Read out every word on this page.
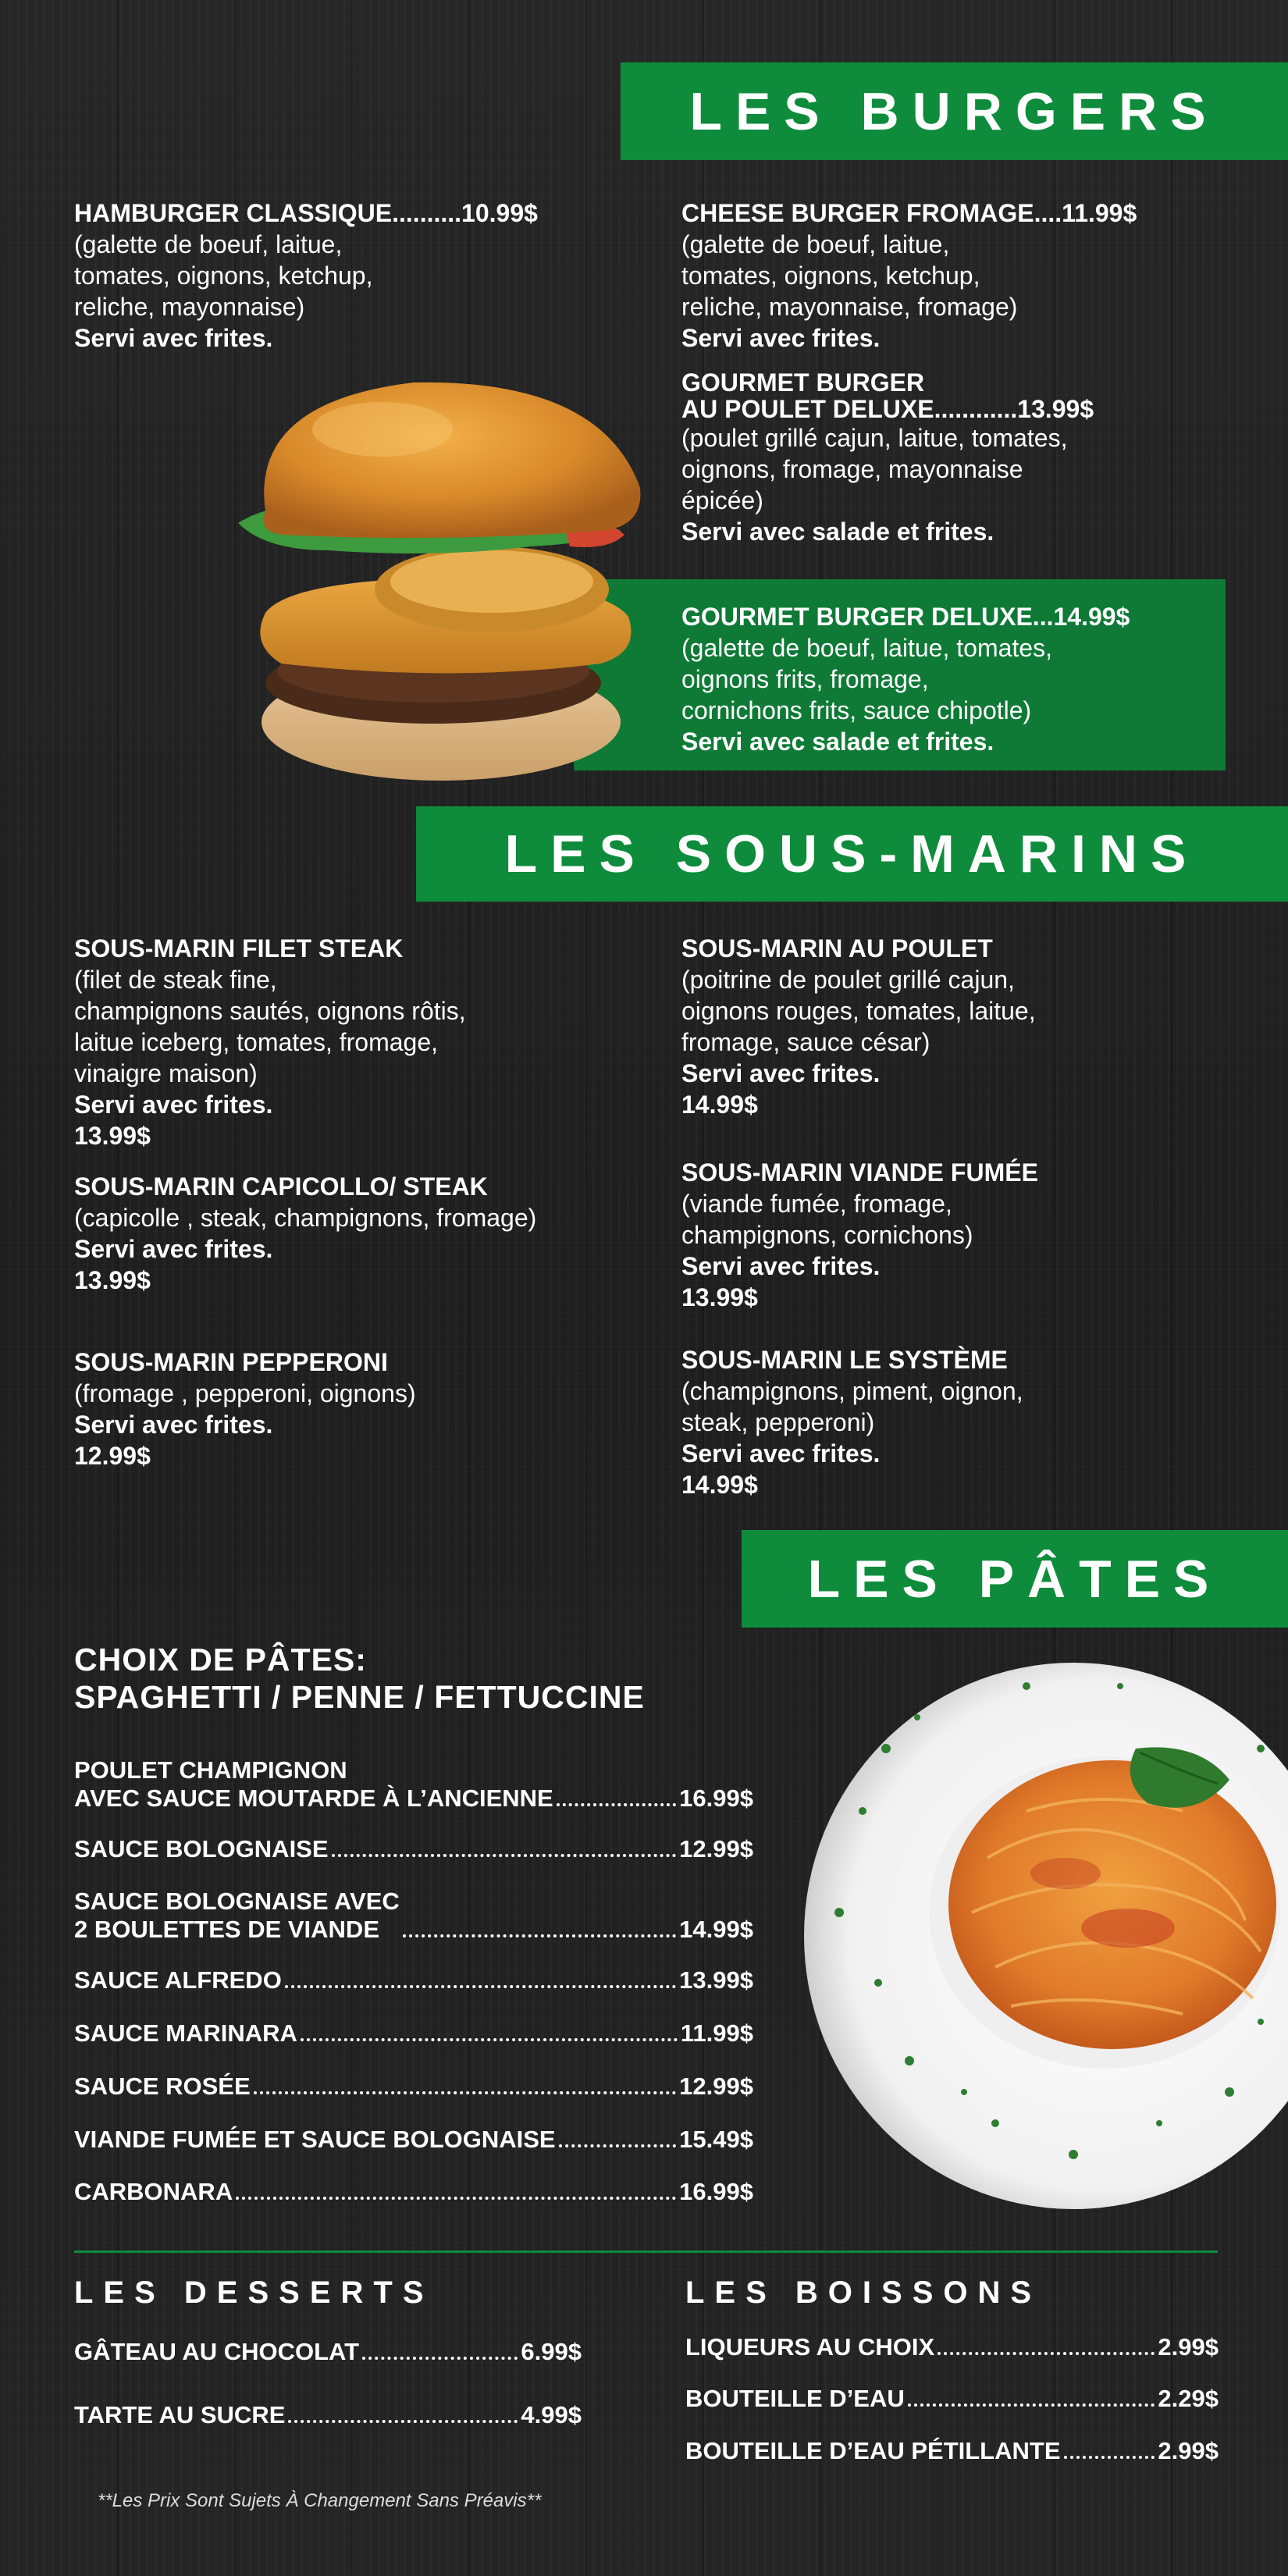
LES BURGERS
HAMBURGER CLASSIQUE..........10.99$
(galette de boeuf, laitue,
tomates, oignons, ketchup,
reliche, mayonnaise)
Servi avec frites.
CHEESE BURGER FROMAGE....11.99$
(galette de boeuf, laitue,
tomates, oignons, ketchup,
reliche, mayonnaise, fromage)
Servi avec frites.
GOURMET BURGER
AU POULET DELUXE............13.99$
(poulet grillé cajun, laitue, tomates,
oignons, fromage, mayonnaise
épicée)
Servi avec salade et frites.
GOURMET BURGER DELUXE...14.99$
(galette de boeuf, laitue, tomates,
oignons frits, fromage,
cornichons frits, sauce chipotle)
Servi avec salade et frites.
LES SOUS-MARINS
SOUS-MARIN FILET STEAK
(filet de steak fine,
champignons sautés, oignons rôtis,
laitue iceberg, tomates, fromage,
vinaigre maison)
Servi avec frites.
13.99$
SOUS-MARIN CAPICOLLO/ STEAK
(capicolle , steak, champignons, fromage)
Servi avec frites.
13.99$
SOUS-MARIN PEPPERONI
(fromage , pepperoni, oignons)
Servi avec frites.
12.99$
SOUS-MARIN AU POULET
(poitrine de poulet grillé cajun,
oignons rouges, tomates, laitue,
fromage, sauce césar)
Servi avec frites.
14.99$
SOUS-MARIN VIANDE FUMÉE
(viande fumée, fromage,
champignons, cornichons)
Servi avec frites.
13.99$
SOUS-MARIN LE SYSTÈME
(champignons, piment, oignon,
steak, pepperoni)
Servi avec frites.
14.99$
LES PÂTES
CHOIX DE PÂTES:
SPAGHETTI / PENNE / FETTUCCINE
POULET CHAMPIGNON
AVEC SAUCE MOUTARDE À L’ANCIENNE	16.99$
SAUCE BOLOGNAISE	12.99$
SAUCE BOLOGNAISE AVEC
2 BOULETTES DE VIANDE	14.99$
SAUCE ALFREDO	13.99$
SAUCE MARINARA	11.99$
SAUCE ROSÉE	12.99$
VIANDE FUMÉE ET SAUCE BOLOGNAISE	15.49$
CARBONARA	16.99$
LES DESSERTS
GÂTEAU AU CHOCOLAT	6.99$
TARTE AU SUCRE	4.99$
LES BOISSONS
LIQUEURS AU CHOIX	2.99$
BOUTEILLE D’EAU	2.29$
BOUTEILLE D’EAU PÉTILLANTE	2.99$
**Les Prix Sont Sujets À Changement Sans Préavis**
